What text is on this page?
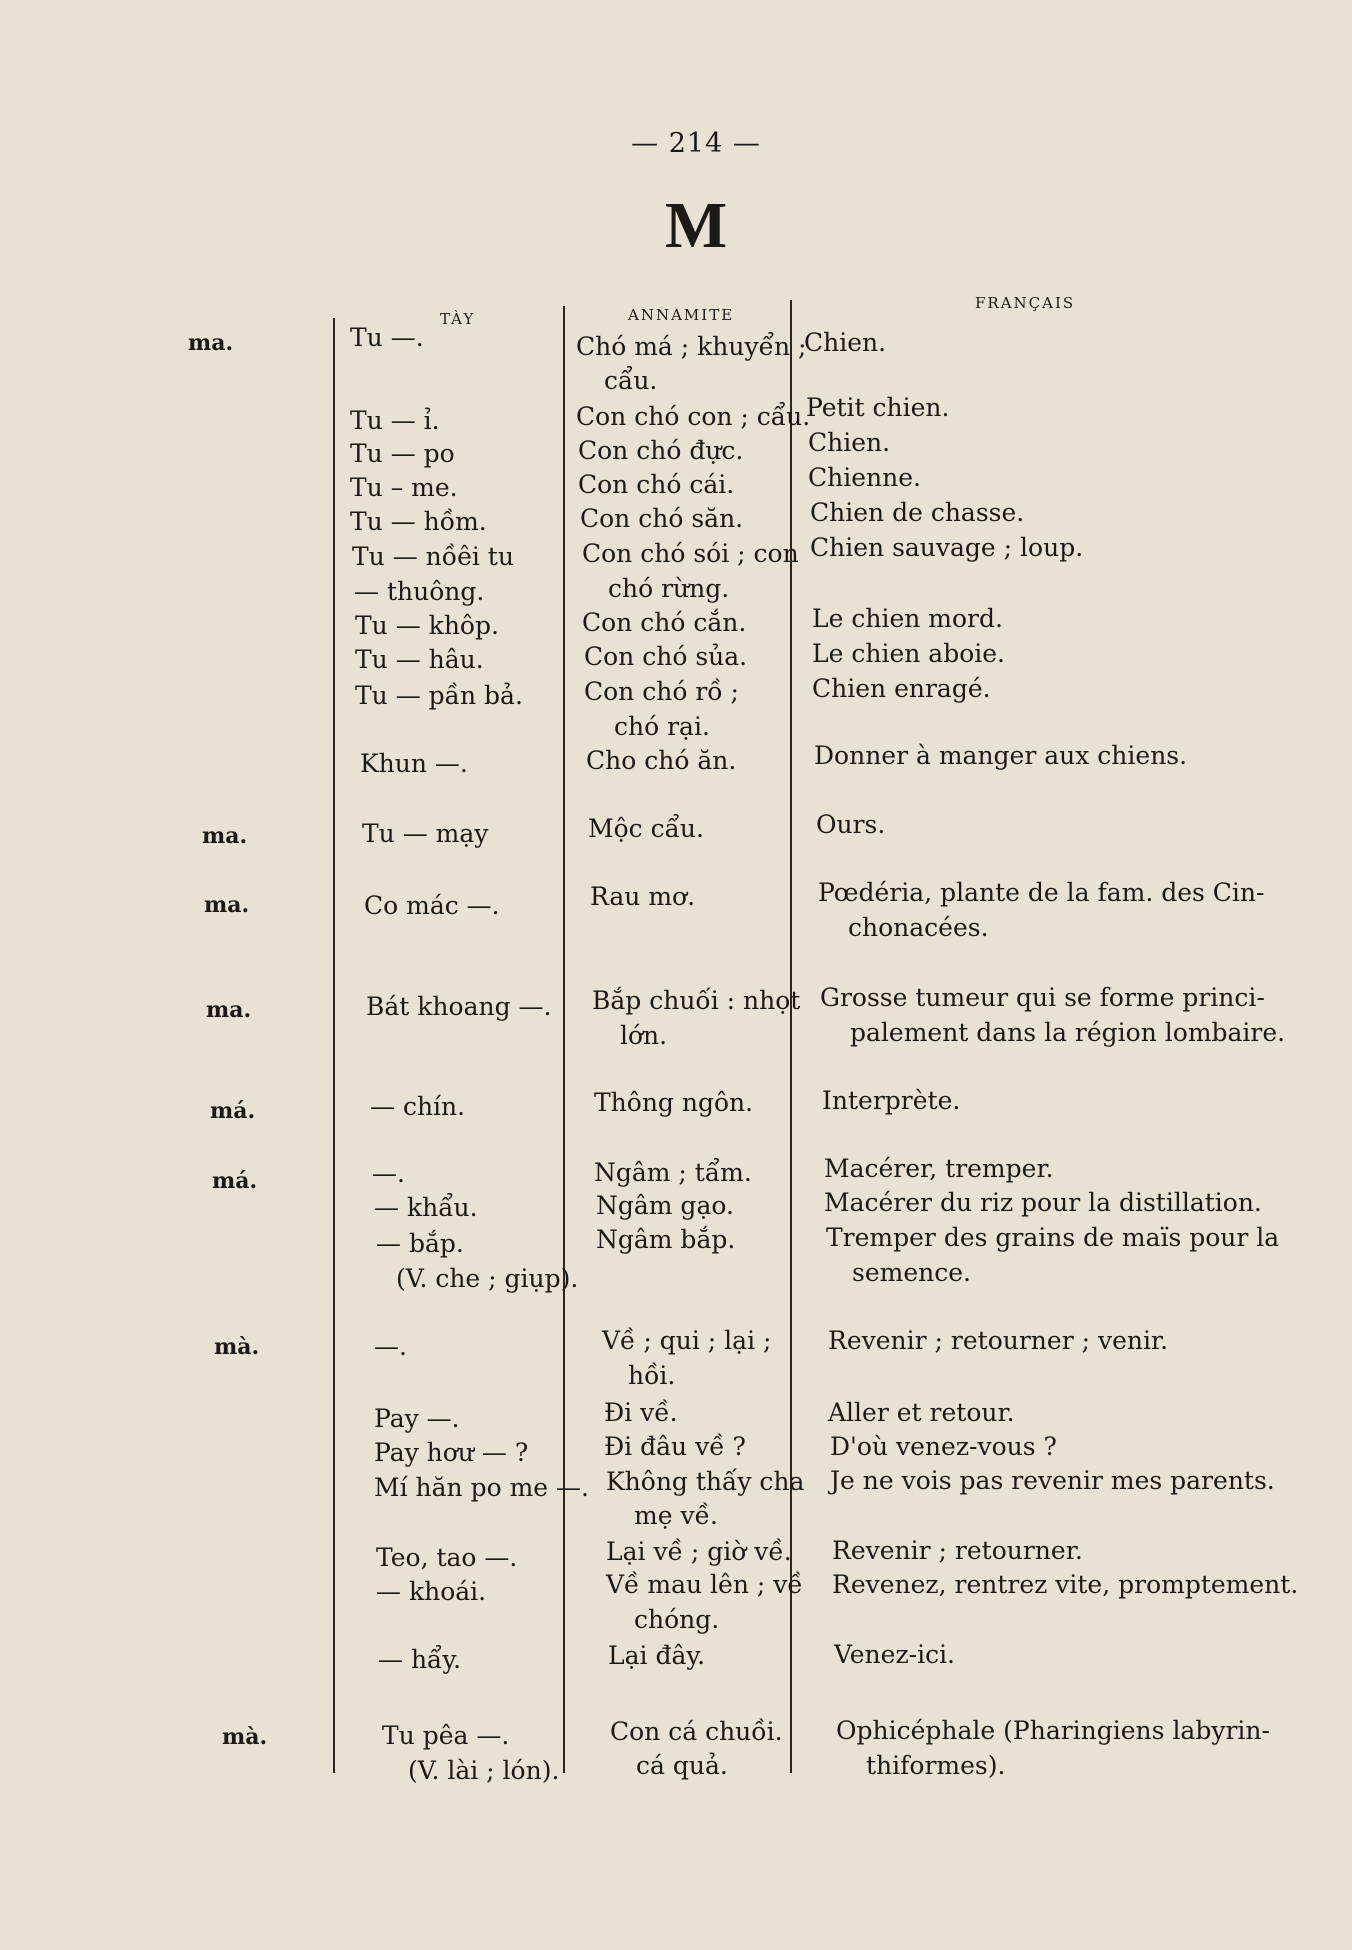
— 214 —
M
TÀY	ANNAMITE
FRANÇAIS
ma.
ma.
ma.
ma.
má.
má.
mà.
mà.
Tu —.
Tu — ỉ.
Tu — po
Tu – me.
Tu — hồm.
Tu — nồêi tu
— thuông.
Tu — khôp.
Tu — hâu.
Tu — pần bả.
Khun —.
Tu — mạy
Co mác —.
Bát khoang —.
— chín.
—.
— khẩu.
— bắp.
(V. che ; giụp).
—.
Pay —.
Pay hơư — ?
Mí hăn po me —.
Teo, tao —.
— khoái.
— hẩy.
Tu pêa —.
(V. lài ; lón).
Chó má ; khuyển ;
cẩu.
Con chó con ; cẩu.
Con chó đực.
Con chó cái.
Con chó săn.
Con chó sói ; con
chó rừng.
Con chó cắn.
Con chó sủa.
Con chó rồ ;
chó rại.
Cho chó ăn.
Mộc cẩu.
Rau mơ.
Bắp chuối : nhọt
lớn.
Thông ngôn.
Ngâm ; tẩm.
Ngâm gạo.
Ngâm bắp.
Về ; qui ; lại ;
hồi.
Đi về.
Đi đâu về ?
Không thấy cha
mẹ về.
Lại về ; giờ về.
Về mau lên ; về
chóng.
Lại đây.
Con cá chuồi.
cá quả.
Chien.
Petit chien.
Chien.
Chienne.
Chien de chasse.
Chien sauvage ; loup.
Le chien mord.
Le chien aboie.
Chien enragé.
Donner à manger aux chiens.
Ours.
Pœdéria, plante de la fam. des Cin-
chonacées.
Grosse tumeur qui se forme princi-
palement dans la région lombaire.
Interprète.
Macérer, tremper.
Macérer du riz pour la distillation.
Tremper des grains de maïs pour la
semence.
Revenir ; retourner ; venir.
Aller et retour.
D'où venez-vous ?
Je ne vois pas revenir mes parents.
Revenir ; retourner.
Revenez, rentrez vite, promptement.
Venez-ici.
Ophicéphale (Pharingiens labyrin-
thiformes).
